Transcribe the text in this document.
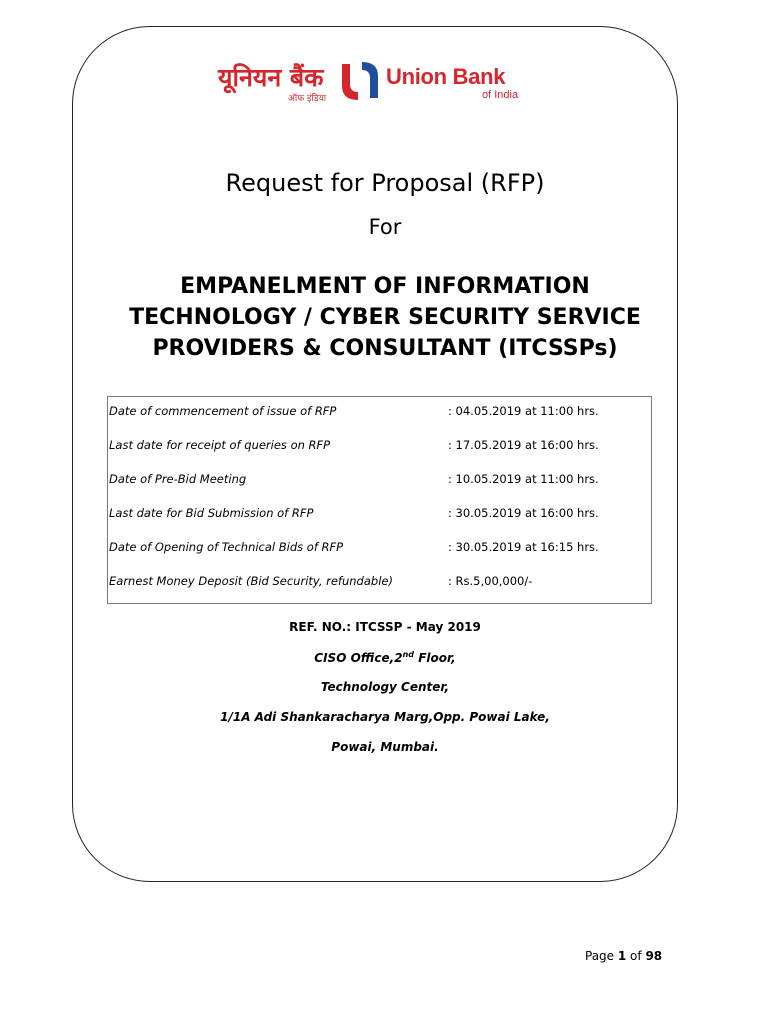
यूनियन बैंक
ऑफ इंडिया
Union Bank
of India
Request for Proposal (RFP)
For
EMPANELMENT OF INFORMATION
TECHNOLOGY / CYBER SECURITY SERVICE
PROVIDERS & CONSULTANT (ITCSSPs)
Date of commencement of issue of RFP	: 04.05.2019 at 11:00 hrs.
Last date for receipt of queries on RFP	: 17.05.2019 at 16:00 hrs.
Date of Pre-Bid Meeting	: 10.05.2019 at 11:00 hrs.
Last date for Bid Submission of RFP	: 30.05.2019 at 16:00 hrs.
Date of Opening of Technical Bids of RFP	: 30.05.2019 at 16:15 hrs.
Earnest Money Deposit (Bid Security, refundable)	: Rs.5,00,000/-
REF. NO.: ITCSSP - May 2019
CISO Office,2nd Floor,
Technology Center,
1/1A Adi Shankaracharya Marg,Opp. Powai Lake,
Powai, Mumbai.
Page 1 of 98
